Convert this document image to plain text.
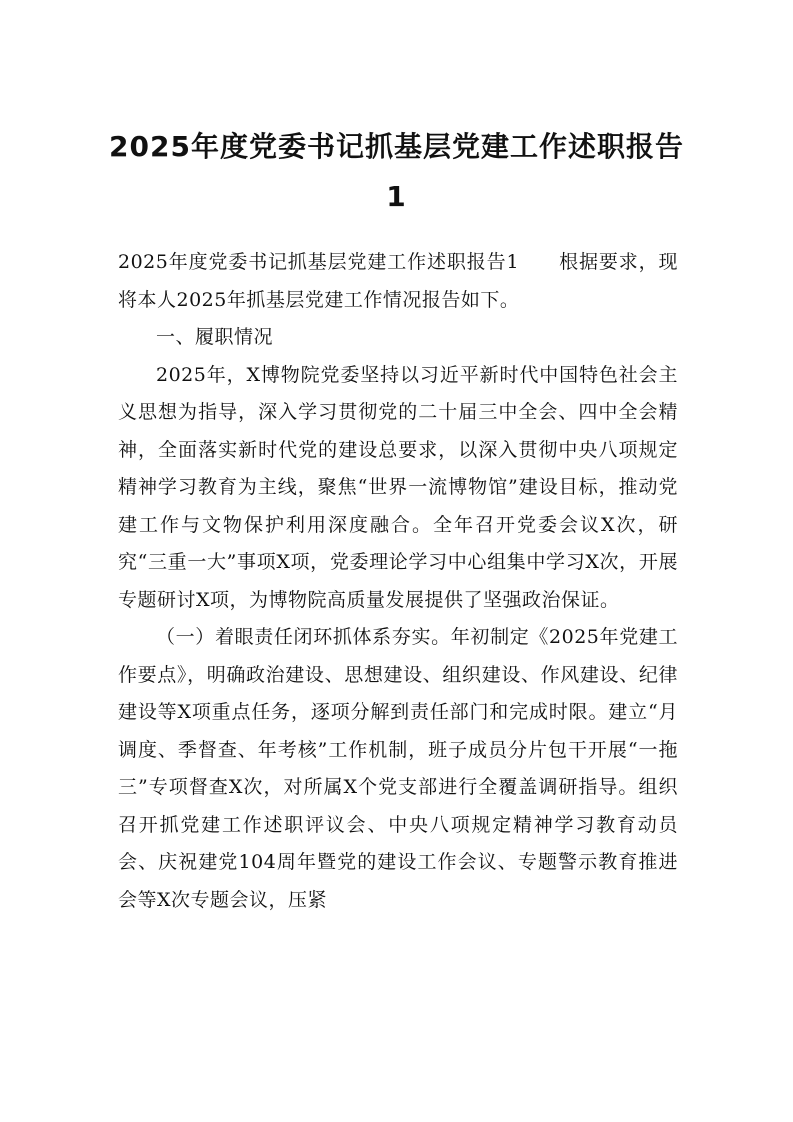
2025年度党委书记抓基层党建工作述职报告1

2025年度党委书记抓基层党建工作述职报告1　　根据要求，现将本人2025年抓基层党建工作情况报告如下。

一、履职情况

2025年，X博物院党委坚持以习近平新时代中国特色社会主义思想为指导，深入学习贯彻党的二十届三中全会、四中全会精神，全面落实新时代党的建设总要求，以深入贯彻中央八项规定精神学习教育为主线，聚焦“世界一流博物馆”建设目标，推动党建工作与文物保护利用深度融合。全年召开党委会议X次，研究“三重一大”事项X项，党委理论学习中心组集中学习X次，开展专题研讨X项，为博物院高质量发展提供了坚强政治保证。

（一）着眼责任闭环抓体系夯实。年初制定《2025年党建工作要点》，明确政治建设、思想建设、组织建设、作风建设、纪律建设等X项重点任务，逐项分解到责任部门和完成时限。建立“月调度、季督查、年考核”工作机制，班子成员分片包干开展“一拖三”专项督查X次，对所属X个党支部进行全覆盖调研指导。组织召开抓党建工作述职评议会、中央八项规定精神学习教育动员会、庆祝建党104周年暨党的建设工作会议、专题警示教育推进会等X次专题会议，压紧
